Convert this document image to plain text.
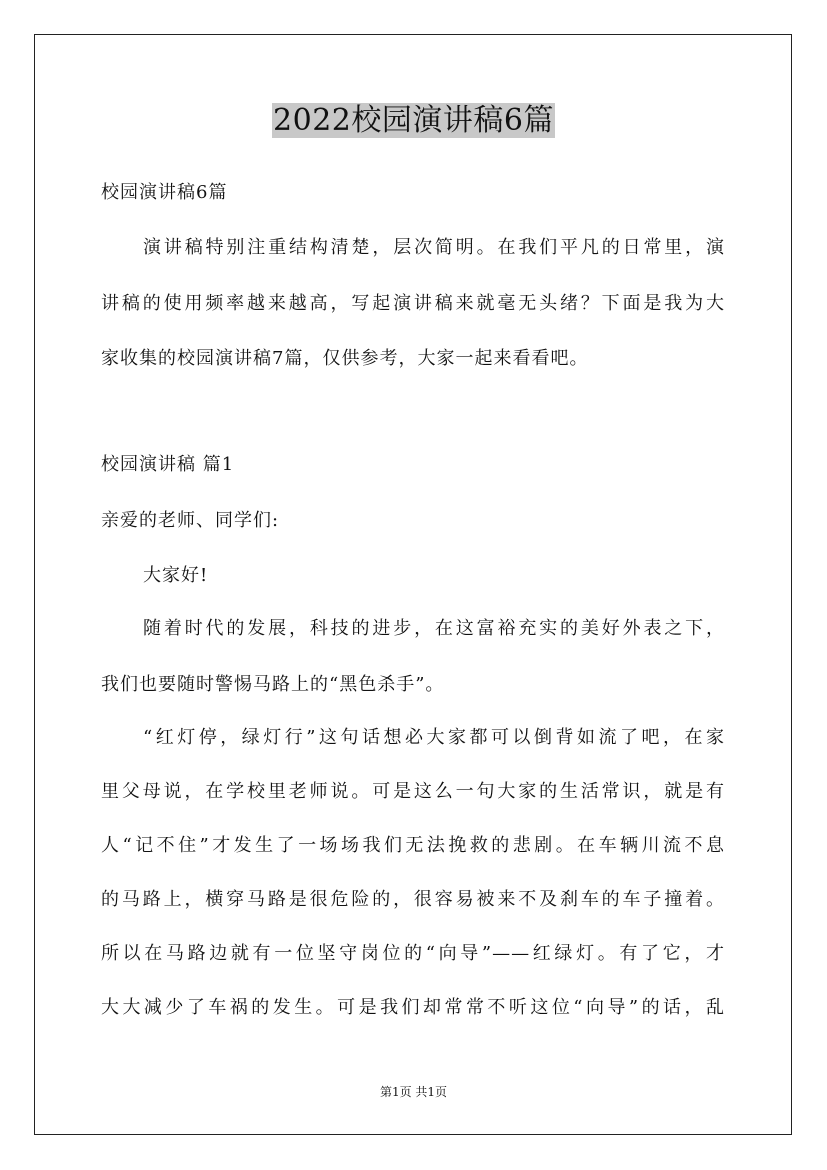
2022校园演讲稿6篇
校园演讲稿6篇
演讲稿特别注重结构清楚，层次简明。在我们平凡的日常里，演
讲稿的使用频率越来越高，写起演讲稿来就毫无头绪？下面是我为大
家收集的校园演讲稿7篇，仅供参考，大家一起来看看吧。
校园演讲稿 篇1
亲爱的老师、同学们:
大家好!
随着时代的发展，科技的进步，在这富裕充实的美好外表之下，
我们也要随时警惕马路上的“黑色杀手”。
“红灯停，绿灯行”这句话想必大家都可以倒背如流了吧，在家
里父母说，在学校里老师说。可是这么一句大家的生活常识，就是有
人“记不住”才发生了一场场我们无法挽救的悲剧。在车辆川流不息
的马路上，横穿马路是很危险的，很容易被来不及刹车的车子撞着。
所以在马路边就有一位坚守岗位的“向导”——红绿灯。有了它，才
大大减少了车祸的发生。可是我们却常常不听这位“向导”的话，乱
第1页 共1页
